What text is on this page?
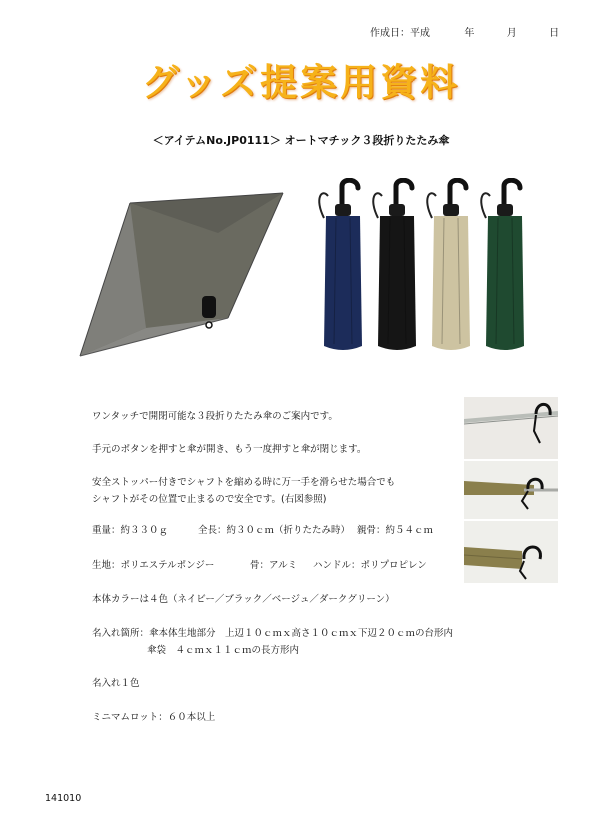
作成日：平成	年	月	日
グッズ提案用資料
＜アイテムNo.JP0111＞ オートマチック３段折りたたみ傘
ワンタッチで開閉可能な３段折りたたみ傘のご案内です。
手元のボタンを押すと傘が開き、もう一度押すと傘が閉じます。
安全ストッパー付きでシャフトを縮める時に万一手を滑らせた場合でも
シャフトがその位置で止まるので安全です。(右図参照)
重量：約３３０ｇ	全長：約３０ｃｍ（折りたたみ時） 親骨：約５４ｃｍ
生地：ポリエステルポンジー	骨：アルミ ハンドル：ポリプロピレン
本体カラーは４色（ネイビー／ブラック／ベージュ／ダークグリーン）
名入れ箇所：傘本体生地部分　上辺１０ｃｍｘ高さ１０ｃｍｘ下辺２０ｃｍの台形内
傘袋　４ｃｍｘ１１ｃｍの長方形内
名入れ１色
ミニマムロット：６０本以上
141010
